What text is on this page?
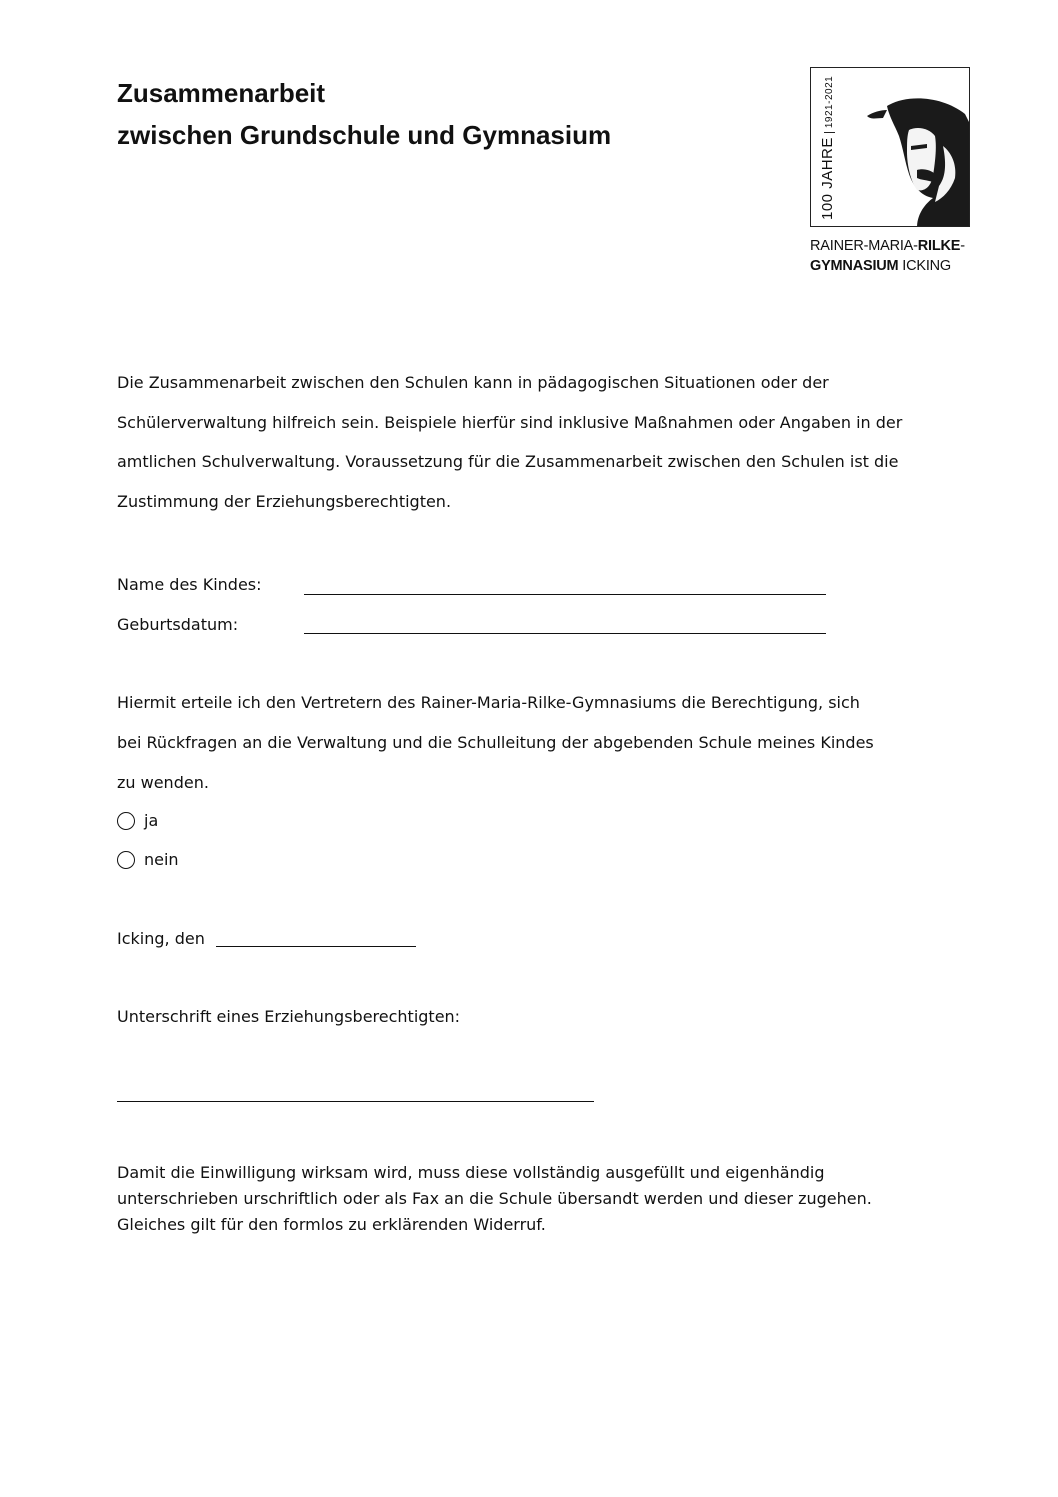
Zusammenarbeit
zwischen Grundschule und Gymnasium
100 JAHRE1921-2021
RAINER-MARIA-RILKE-
GYMNASIUM ICKING
Die Zusammenarbeit zwischen den Schulen kann in pädagogischen Situationen oder der
Schülerverwaltung hilfreich sein. Beispiele hierfür sind inklusive Maßnahmen oder Angaben in der
amtlichen Schulverwaltung. Voraussetzung für die Zusammenarbeit zwischen den Schulen ist die
Zustimmung der Erziehungsberechtigten.
Name des Kindes:
Geburtsdatum:
Hiermit erteile ich den Vertretern des Rainer-Maria-Rilke-Gymnasiums die Berechtigung, sich
bei Rückfragen an die Verwaltung und die Schulleitung der abgebenden Schule meines Kindes
zu wenden.
ja
nein
Icking, den
Unterschrift eines Erziehungsberechtigten:
Damit die Einwilligung wirksam wird, muss diese vollständig ausgefüllt und eigenhändig
unterschrieben urschriftlich oder als Fax an die Schule übersandt werden und dieser zugehen.
Gleiches gilt für den formlos zu erklärenden Widerruf.
